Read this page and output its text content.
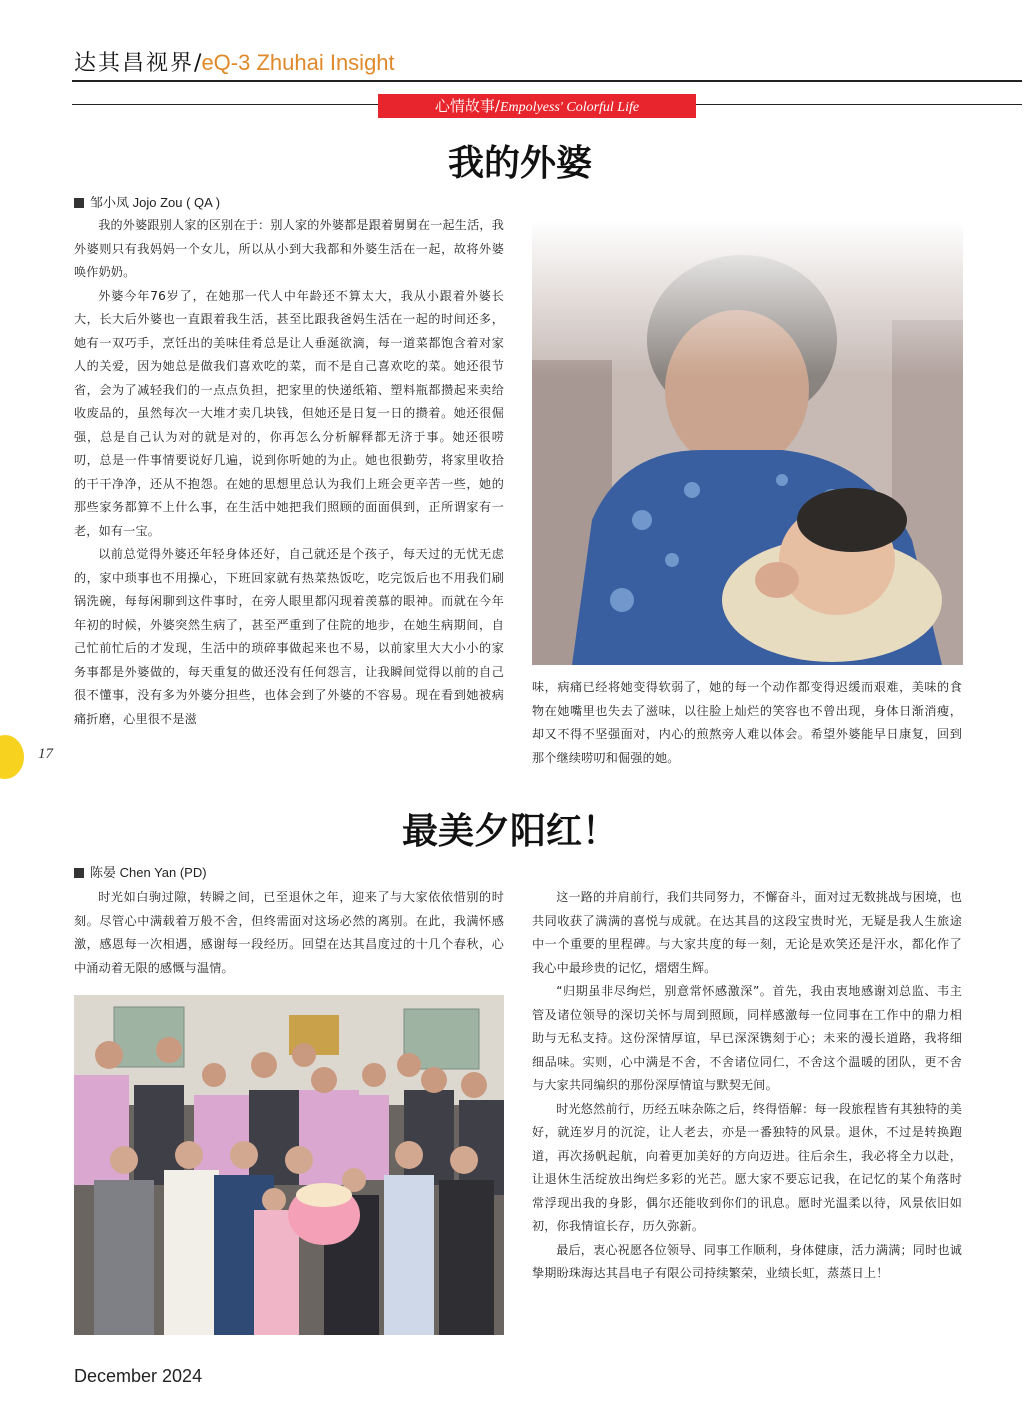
达其昌视界/eQ-3 Zhuhai Insight
心情故事/Empolyess' Colorful Life
我的外婆
邹小凤 Jojo Zou ( QA )

我的外婆跟别人家的区别在于：别人家的外婆都是跟着舅舅在一起生活，我外婆则只有我妈妈一个女儿，所以从小到大我都和外婆生活在一起，故将外婆唤作奶奶。

外婆今年76岁了，在她那一代人中年龄还不算太大，我从小跟着外婆长大，长大后外婆也一直跟着我生活，甚至比跟我爸妈生活在一起的时间还多，她有一双巧手，烹饪出的美味佳肴总是让人垂涎欲滴，每一道菜都饱含着对家人的关爱，因为她总是做我们喜欢吃的菜，而不是自己喜欢吃的菜。她还很节省，会为了减轻我们的一点点负担，把家里的快递纸箱、塑料瓶都攒起来卖给收废品的，虽然每次一大堆才卖几块钱，但她还是日复一日的攒着。她还很倔强，总是自己认为对的就是对的，你再怎么分析解释都无济于事。她还很唠叨，总是一件事情要说好几遍，说到你听她的为止。她也很勤劳，将家里收拾的干干净净，还从不抱怨。在她的思想里总认为我们上班会更辛苦一些，她的那些家务都算不上什么事，在生活中她把我们照顾的面面俱到，正所谓家有一老，如有一宝。

以前总觉得外婆还年轻身体还好，自己就还是个孩子，每天过的无忧无虑的，家中琐事也不用操心，下班回家就有热菜热饭吃，吃完饭后也不用我们刷锅洗碗，每每闲聊到这件事时，在旁人眼里都闪现着羡慕的眼神。而就在今年年初的时候，外婆突然生病了，甚至严重到了住院的地步，在她生病期间，自己忙前忙后的才发现，生活中的琐碎事做起来也不易，以前家里大大小小的家务事都是外婆做的，每天重复的做还没有任何怨言，让我瞬间觉得以前的自己很不懂事，没有多为外婆分担些，也体会到了外婆的不容易。现在看到她被病痛折磨，心里很不是滋

味，病痛已经将她变得软弱了，她的每一个动作都变得迟缓而艰难，美味的食物在她嘴里也失去了滋味，以往脸上灿烂的笑容也不曾出现，身体日渐消瘦，却又不得不坚强面对，内心的煎熬旁人难以体会。希望外婆能早日康复，回到那个继续唠叨和倔强的她。

17
最美夕阳红！
陈晏 Chen Yan (PD)

时光如白驹过隙，转瞬之间，已至退休之年，迎来了与大家依依惜别的时刻。尽管心中满载着万般不舍，但终需面对这场必然的离别。在此，我满怀感激，感恩每一次相遇，感谢每一段经历。回望在达其昌度过的十几个春秋，心中涌动着无限的感慨与温情。

这一路的并肩前行，我们共同努力，不懈奋斗，面对过无数挑战与困境，也共同收获了满满的喜悦与成就。在达其昌的这段宝贵时光，无疑是我人生旅途中一个重要的里程碑。与大家共度的每一刻，无论是欢笑还是汗水，都化作了我心中最珍贵的记忆，熠熠生辉。

“归期虽非尽绚烂，别意常怀感激深”。首先，我由衷地感谢刘总监、韦主管及诸位领导的深切关怀与周到照顾，同样感激每一位同事在工作中的鼎力相助与无私支持。这份深情厚谊，早已深深镌刻于心；未来的漫长道路，我将细细品味。实则，心中满是不舍，不舍诸位同仁，不舍这个温暖的团队，更不舍与大家共同编织的那份深厚情谊与默契无间。

时光悠然前行，历经五味杂陈之后，终得悟解：每一段旅程皆有其独特的美好，就连岁月的沉淀，让人老去，亦是一番独特的风景。退休，不过是转换跑道，再次扬帆起航，向着更加美好的方向迈进。往后余生，我必将全力以赴，让退休生活绽放出绚烂多彩的光芒。愿大家不要忘记我，在记忆的某个角落时常浮现出我的身影，偶尔还能收到你们的讯息。愿时光温柔以待，风景依旧如初，你我情谊长存，历久弥新。

最后，衷心祝愿各位领导、同事工作顺利，身体健康，活力满满；同时也诚挚期盼珠海达其昌电子有限公司持续繁荣，业绩长虹，蒸蒸日上！

December 2024
